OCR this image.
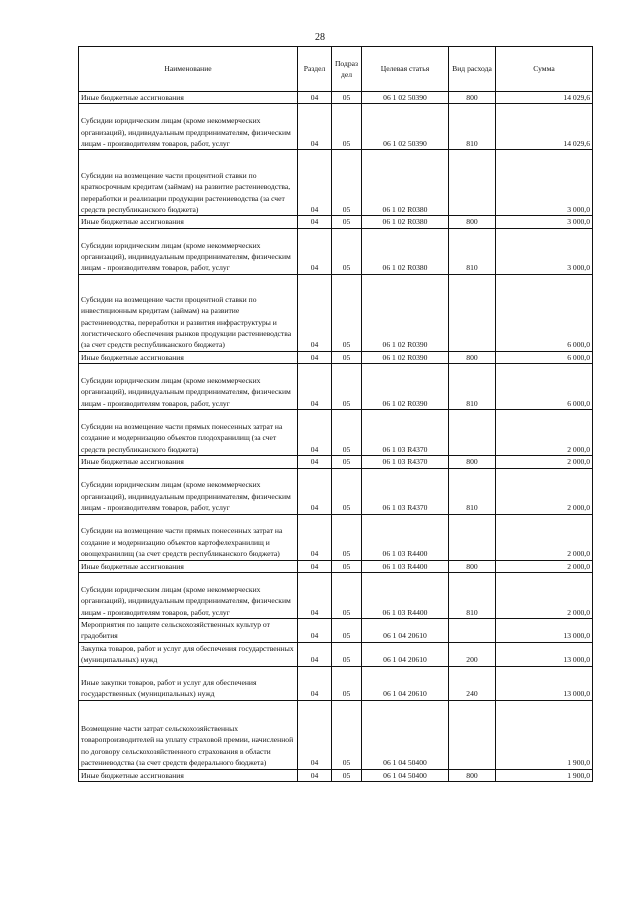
28
Наименование	Раздел	Подраз дел	Целевая статья	Вид расхода	Сумма
Иные бюджетные ассигнования	04	05	06 1 02 50390	800	14 029,6
Субсидии юридическим лицам (кроме некоммерческих организаций), индивидуальным предпринимателям, физическим лицам - производителям товаров, работ, услуг	04	05	06 1 02 50390	810	14 029,6
Субсидии на возмещение части процентной ставки по краткосрочным кредитам (займам) на развитие растениеводства, переработки и реализации продукции растениеводства (за счет средств республиканского бюджета)	04	05	06 1 02 R0380		3 000,0
Иные бюджетные ассигнования	04	05	06 1 02 R0380	800	3 000,0
Субсидии юридическим лицам (кроме некоммерческих организаций), индивидуальным предпринимателям, физическим лицам - производителям товаров, работ, услуг	04	05	06 1 02 R0380	810	3 000,0
Субсидии на возмещение части процентной ставки по инвестиционным кредитам (займам) на развитие растениеводства, переработки и развития инфраструктуры и логистического обеспечения рынков продукции растениеводства (за счет средств республиканского бюджета)	04	05	06 1 02 R0390		6 000,0
Иные бюджетные ассигнования	04	05	06 1 02 R0390	800	6 000,0
Субсидии юридическим лицам (кроме некоммерческих организаций), индивидуальным предпринимателям, физическим лицам - производителям товаров, работ, услуг	04	05	06 1 02 R0390	810	6 000,0
Субсидии на возмещение части прямых понесенных затрат на создание и модернизацию объектов плодохранилищ (за счет средств республиканского бюджета)	04	05	06 1 03 R4370		2 000,0
Иные бюджетные ассигнования	04	05	06 1 03 R4370	800	2 000,0
Субсидии юридическим лицам (кроме некоммерческих организаций), индивидуальным предпринимателям, физическим лицам - производителям товаров, работ, услуг	04	05	06 1 03 R4370	810	2 000,0
Субсидии на возмещение части прямых понесенных затрат на создание и модернизацию объектов картофелехранилищ и овощехранилищ (за счет средств республиканского бюджета)	04	05	06 1 03 R4400		2 000,0
Иные бюджетные ассигнования	04	05	06 1 03 R4400	800	2 000,0
Субсидии юридическим лицам (кроме некоммерческих организаций), индивидуальным предпринимателям, физическим лицам - производителям товаров, работ, услуг	04	05	06 1 03 R4400	810	2 000,0
Мероприятия по защите сельскохозяйственных культур от градобития	04	05	06 1 04 20610		13 000,0
Закупка товаров, работ и услуг для обеспечения государственных (муниципальных) нужд	04	05	06 1 04 20610	200	13 000,0
Иные закупки товаров, работ и услуг для обеспечения государственных (муниципальных) нужд	04	05	06 1 04 20610	240	13 000,0
Возмещение части затрат сельскохозяйственных товаропроизводителей на уплату страховой премии, начисленной по договору сельскохозяйственного страхования в области растениеводства (за счет средств федерального бюджета)	04	05	06 1 04 50400		1 900,0
Иные бюджетные ассигнования	04	05	06 1 04 50400	800	1 900,0
